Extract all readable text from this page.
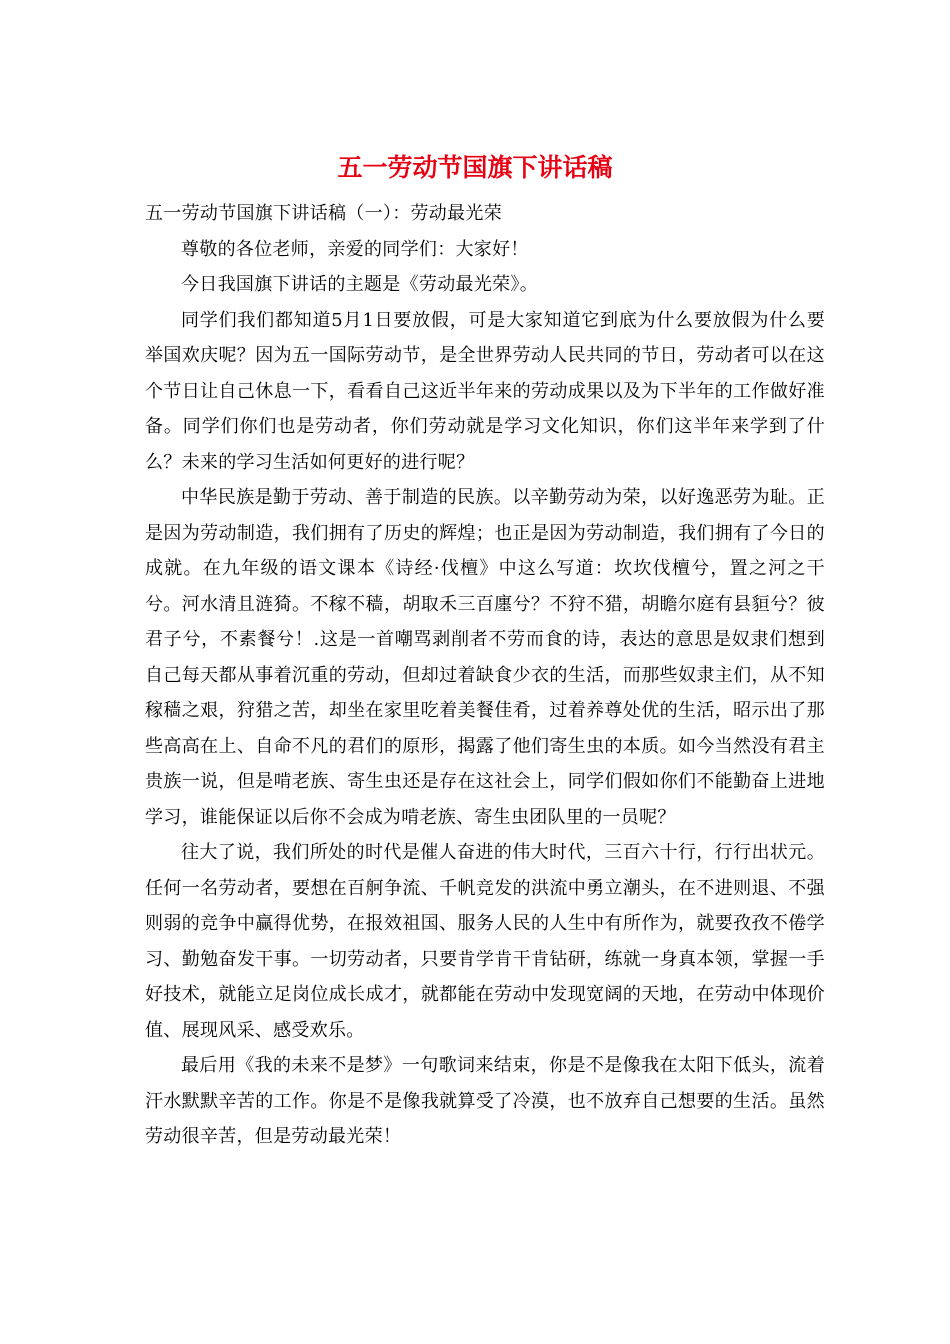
五一劳动节国旗下讲话稿

五一劳动节国旗下讲话稿（一）：劳动最光荣

尊敬的各位老师，亲爱的同学们：大家好！

今日我国旗下讲话的主题是《劳动最光荣》。

同学们我们都知道5月1日要放假，可是大家知道它到底为什么要放假为什么要举国欢庆呢？因为五一国际劳动节，是全世界劳动人民共同的节日，劳动者可以在这个节日让自己休息一下，看看自己这近半年来的劳动成果以及为下半年的工作做好准备。同学们你们也是劳动者，你们劳动就是学习文化知识，你们这半年来学到了什么？未来的学习生活如何更好的进行呢？

中华民族是勤于劳动、善于制造的民族。以辛勤劳动为荣，以好逸恶劳为耻。正是因为劳动制造，我们拥有了历史的辉煌；也正是因为劳动制造，我们拥有了今日的成就。在九年级的语文课本《诗经·伐檀》中这么写道：坎坎伐檀兮，置之河之干兮。河水清且涟猗。不稼不穑，胡取禾三百廛兮？不狩不猎，胡瞻尔庭有县貆兮？彼君子兮，不素餐兮！.这是一首嘲骂剥削者不劳而食的诗，表达的意思是奴隶们想到自己每天都从事着沉重的劳动，但却过着缺食少衣的生活，而那些奴隶主们，从不知稼穑之艰，狩猎之苦，却坐在家里吃着美餐佳肴，过着养尊处优的生活，昭示出了那些高高在上、自命不凡的君们的原形，揭露了他们寄生虫的本质。如今当然没有君主贵族一说，但是啃老族、寄生虫还是存在这社会上，同学们假如你们不能勤奋上进地学习，谁能保证以后你不会成为啃老族、寄生虫团队里的一员呢？

往大了说，我们所处的时代是催人奋进的伟大时代，三百六十行，行行出状元。任何一名劳动者，要想在百舸争流、千帆竞发的洪流中勇立潮头，在不进则退、不强则弱的竞争中赢得优势，在报效祖国、服务人民的人生中有所作为，就要孜孜不倦学习、勤勉奋发干事。一切劳动者，只要肯学肯干肯钻研，练就一身真本领，掌握一手好技术，就能立足岗位成长成才，就都能在劳动中发现宽阔的天地，在劳动中体现价值、展现风采、感受欢乐。

最后用《我的未来不是梦》一句歌词来结束，你是不是像我在太阳下低头，流着汗水默默辛苦的工作。你是不是像我就算受了冷漠，也不放弃自己想要的生活。虽然劳动很辛苦，但是劳动最光荣！
